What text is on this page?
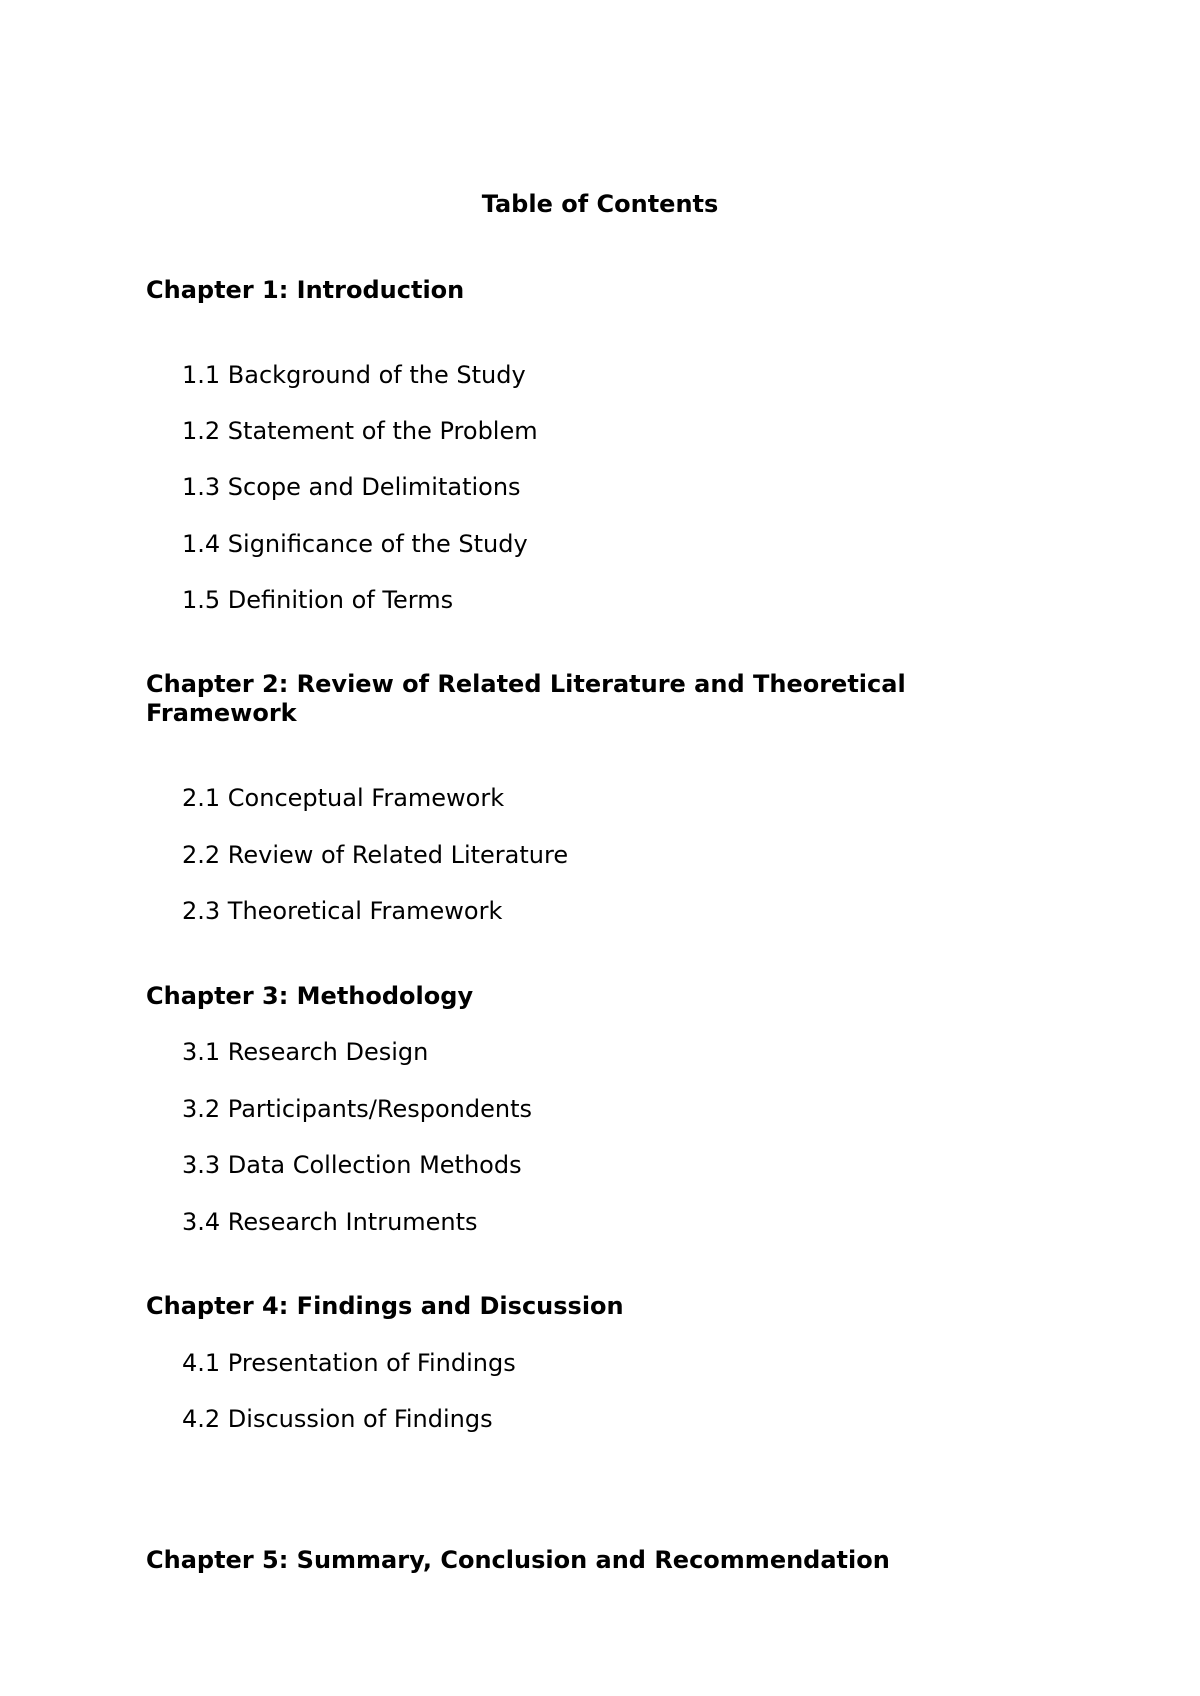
Table of Contents
Chapter 1: Introduction

1.1 Background of the Study

1.2 Statement of the Problem

1.3 Scope and Delimitations

1.4 Significance of the Study

1.5 Definition of Terms

Chapter 2: Review of Related Literature and Theoretical Framework

2.1 Conceptual Framework

2.2 Review of Related Literature

2.3 Theoretical Framework

Chapter 3: Methodology

3.1 Research Design

3.2 Participants/Respondents

3.3 Data Collection Methods

3.4 Research Intruments

Chapter 4: Findings and Discussion

4.1 Presentation of Findings

4.2 Discussion of Findings

Chapter 5: Summary, Conclusion and Recommendation
